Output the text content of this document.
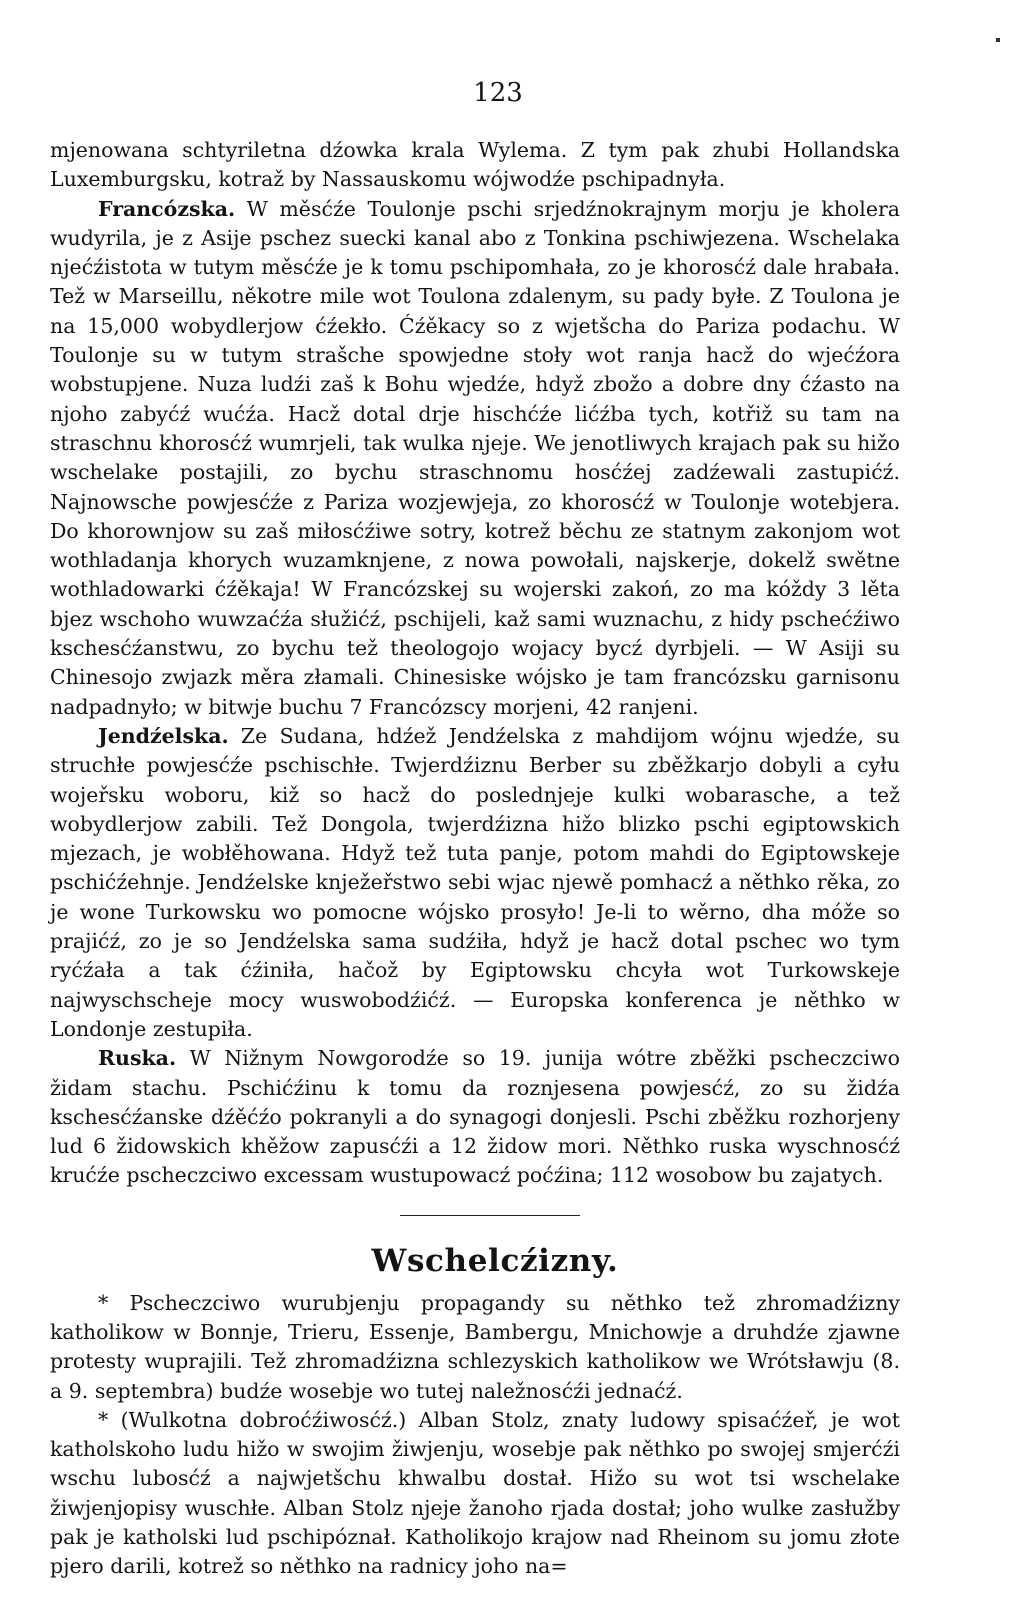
123

mjenowana schtyriletna dźowka krala Wylema. Z tym pak zhubi Hollandska Luxemburgsku, kotraž by Nassauskomu wójwodźe pschipadnyła.

Francózska. W měsćźe Toulonje pschi srjedźnokrajnym morju je kholera wudyrila, je z Asije pschez suecki kanal abo z Tonkina pschiwjezena. Wschelaka njećźistota w tutym měsćźe je k tomu pschipomhała, zo je khorosćź dale hrabała. Tež w Marseillu, někotre mile wot Toulona zdalenym, su pady byłe. Z Toulona je na 15,000 wobydlerjow ćźekło. Ćźěkacy so z wjetšcha do Pariza podachu. W Toulonje su w tutym strašche spowjedne stoły wot ranja hacž do wjećźora wobstupjene. Nuza ludźi zaš k Bohu wjedźe, hdyž zbožo a dobre dny ćźasto na njoho zabyćź wućźa. Hacž dotal drje hischćźe lićźba tych, kotřiž su tam na straschnu khorosćź wumrjeli, tak wulka njeje. We jenotliwych krajach pak su hižo wschelake postajili, zo bychu straschnomu hosćźej zadźewali zastupićź. Najnowsche powjesćźe z Pariza wozjewjeja, zo khorosćź w Toulonje wotebjera. Do khorownjow su zaš miłosćźiwe sotry, kotrež běchu ze statnym zakonjom wot wothladanja khorych wuzamknjene, z nowa powołali, najskerje, dokelž swětne wothladowarki ćźěkaja! W Francózskej su wojerski zakoń, zo ma kóždy 3 lěta bjez wschoho wuwzaćźa słužićź, pschijeli, kaž sami wuznachu, z hidy pschećźiwo kschesćźanstwu, zo bychu tež theologojo wojacy bycź dyrbjeli. — W Asiji su Chinesojo zwjazk měra złamali. Chinesiske wójsko je tam francózsku garnisonu nadpadnyło; w bitwje buchu 7 Francózscy morjeni, 42 ranjeni.

Jendźelska. Ze Sudana, hdźež Jendźelska z mahdijom wójnu wjedźe, su struchłe powjesćźe pschischłe. Twjerdźiznu Berber su zběžkarjo dobyli a cyłu wojeřsku woboru, kiž so hacž do poslednjeje kulki wobarasche, a tež wobydlerjow zabili. Tež Dongola, twjerdźizna hižo blizko pschi egiptowskich mjezach, je wobłěhowana. Hdyž tež tuta panje, potom mahdi do Egiptowskeje pschićźehnje. Jendźelske knježeřstwo sebi wjac njewě pomhacź a něthko rěka, zo je wone Turkowsku wo pomocne wójsko prosyło! Je-li to wěrno, dha móže so prajićź, zo je so Jendźelska sama sudźiła, hdyž je hacž dotal pschec wo tym ryćźała a tak ćźiniła, hačož by Egiptowsku chcyła wot Turkowskeje najwyschscheje mocy wuswobodźićź. — Europska konferenca je něthko w Londonje zestupiła.

Ruska. W Nižnym Nowgorodźe so 19. junija wótre zběžki pscheczciwo židam stachu. Pschićźinu k tomu da roznjesena powjesćź, zo su židźa kschesćźanske dźěćźo pokranyli a do synagogi donjesli. Pschi zběžku rozhorjeny lud 6 židowskich khěžow zapusćźi a 12 židow mori. Něthko ruska wyschnosćź krućźe pscheczciwo excessam wustupowacź poćźina; 112 wosobow bu zajatych.

Wschelcźizny.

* Pscheczciwo wurubjenju propagandy su něthko tež zhromadźizny katholikow w Bonnje, Trieru, Essenje, Bambergu, Mnichowje a druhdźe zjawne protesty wuprajili. Tež zhromadźizna schlezyskich katholikow we Wrótsławju (8. a 9. septembra) budźe wosebje wo tutej naležnosćźi jednaćź.

* (Wulkotna dobroćźiwosćź.) Alban Stolz, znaty ludowy spisaćźeř, je wot katholskoho ludu hižo w swojim žiwjenju, wosebje pak něthko po swojej smjerćźi wschu lubosćź a najwjetšchu khwalbu dostał. Hižo su wot tsi wschelake žiwjenjopisy wuschłe. Alban Stolz njeje žanoho rjada dostał; joho wulke zasłužby pak je katholski lud pschipóznał. Katholikojo krajow nad Rheinom su jomu złote pjero darili, kotrež so něthko na radnicy joho na=
